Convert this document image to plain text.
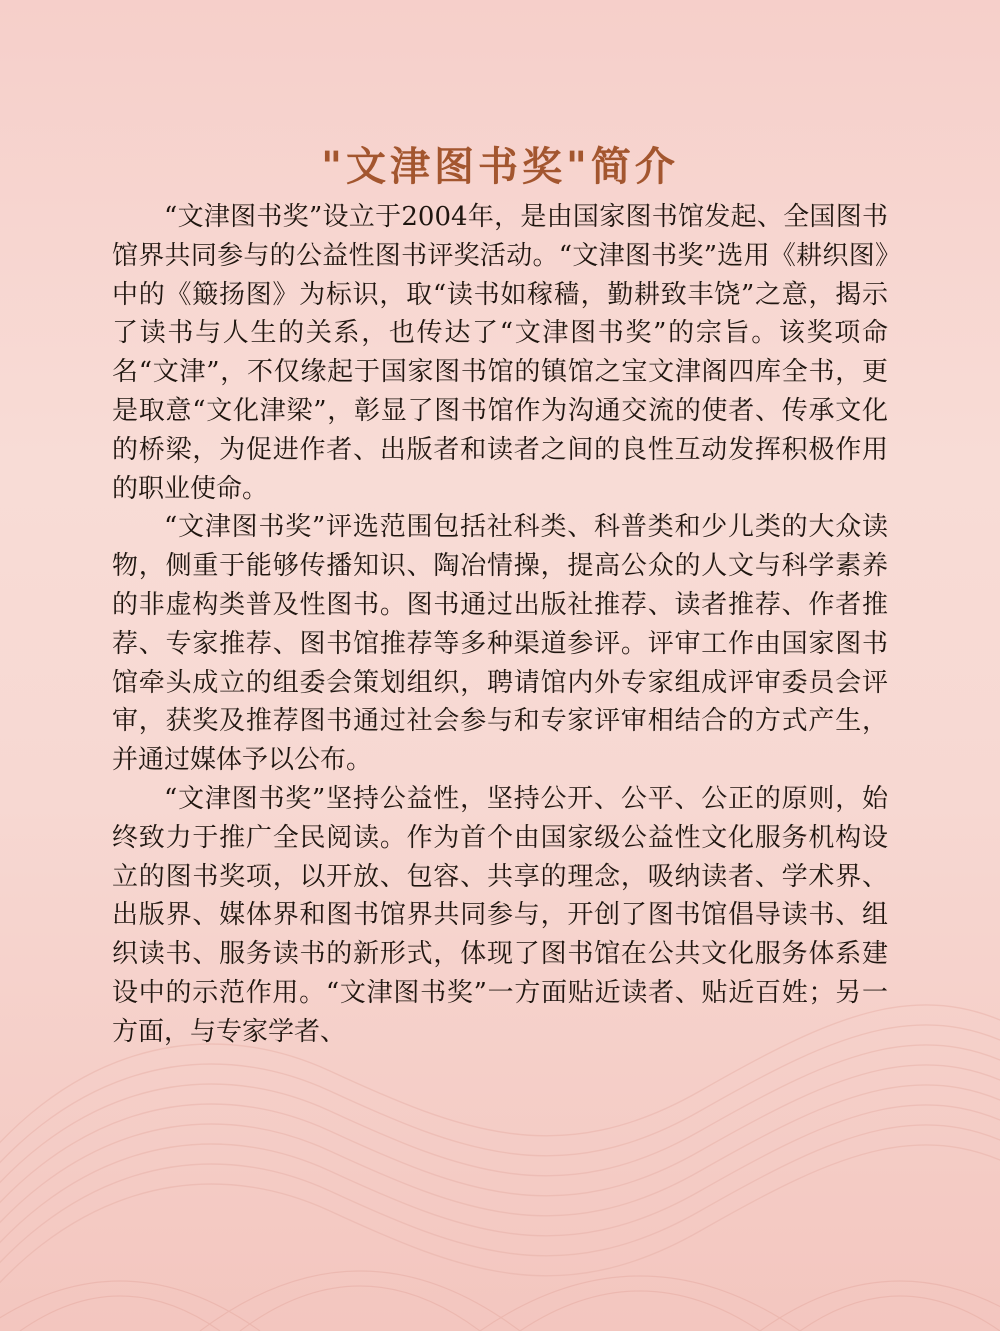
"文津图书奖"简介

“文津图书奖”设立于2004年，是由国家图书馆发起、全国图书馆界共同参与的公益性图书评奖活动。“文津图书奖”选用《耕织图》中的《簸扬图》为标识，取“读书如稼穑，勤耕致丰饶”之意，揭示了读书与人生的关系，也传达了“文津图书奖”的宗旨。该奖项命名“文津”，不仅缘起于国家图书馆的镇馆之宝文津阁四库全书，更是取意“文化津梁”，彰显了图书馆作为沟通交流的使者、传承文化的桥梁，为促进作者、出版者和读者之间的良性互动发挥积极作用的职业使命。

“文津图书奖”评选范围包括社科类、科普类和少儿类的大众读物，侧重于能够传播知识、陶冶情操，提高公众的人文与科学素养的非虚构类普及性图书。图书通过出版社推荐、读者推荐、作者推荐、专家推荐、图书馆推荐等多种渠道参评。评审工作由国家图书馆牵头成立的组委会策划组织，聘请馆内外专家组成评审委员会评审，获奖及推荐图书通过社会参与和专家评审相结合的方式产生，并通过媒体予以公布。

“文津图书奖”坚持公益性，坚持公开、公平、公正的原则，始终致力于推广全民阅读。作为首个由国家级公益性文化服务机构设立的图书奖项，以开放、包容、共享的理念，吸纳读者、学术界、出版界、媒体界和图书馆界共同参与，开创了图书馆倡导读书、组织读书、服务读书的新形式，体现了图书馆在公共文化服务体系建设中的示范作用。“文津图书奖”一方面贴近读者、贴近百姓；另一方面，与专家学者、
